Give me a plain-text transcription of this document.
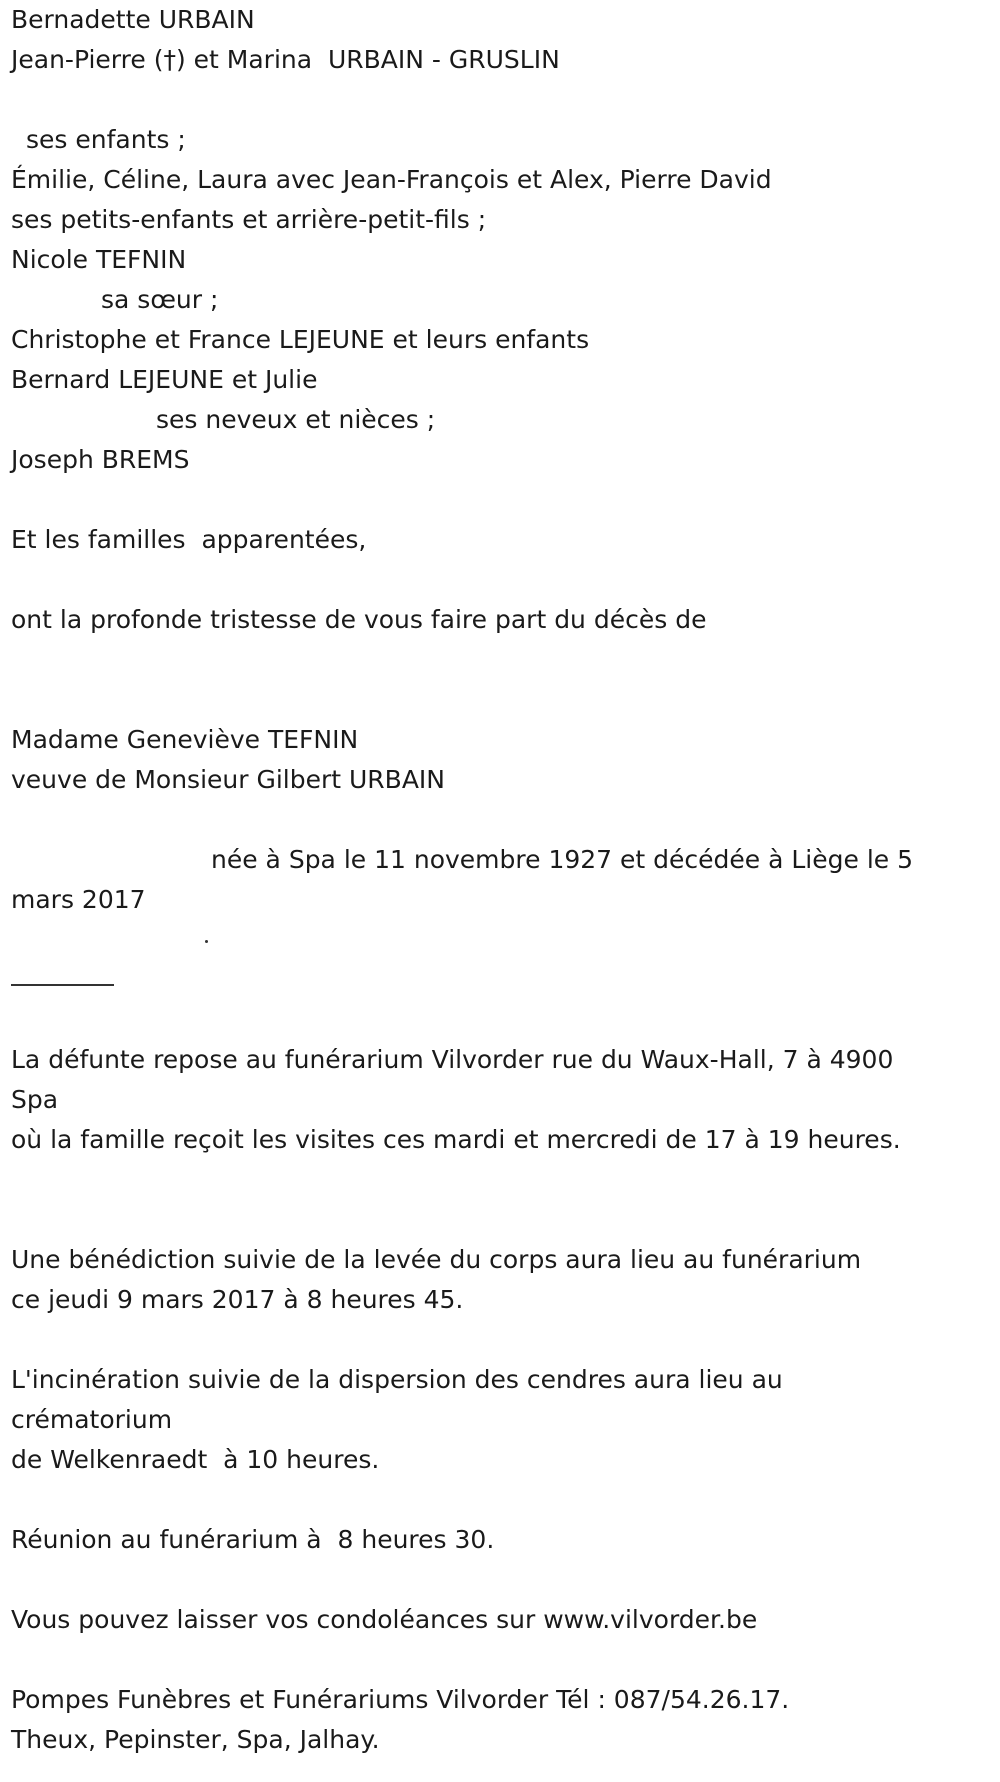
Bernadette URBAIN
Jean-Pierre (†) et Marina  URBAIN - GRUSLIN
ses enfants ;
Émilie, Céline, Laura avec Jean-François et Alex, Pierre David
ses petits-enfants et arrière-petit-fils ;
Nicole TEFNIN
sa sœur ;
Christophe et France LEJEUNE et leurs enfants
Bernard LEJEUNE et Julie
ses neveux et nièces ;
Joseph BREMS
Et les familles  apparentées,
ont la profonde tristesse de vous faire part du décès de
Madame Geneviève TEFNIN
veuve de Monsieur Gilbert URBAIN
née à Spa le 11 novembre 1927 et décédée à Liège le 5
mars 2017
La défunte repose au funérarium Vilvorder rue du Waux-Hall, 7 à 4900
Spa
où la famille reçoit les visites ces mardi et mercredi de 17 à 19 heures.
Une bénédiction suivie de la levée du corps aura lieu au funérarium
ce jeudi 9 mars 2017 à 8 heures 45.
L'incinération suivie de la dispersion des cendres aura lieu au
crématorium
de Welkenraedt  à 10 heures.
Réunion au funérarium à  8 heures 30.
Vous pouvez laisser vos condoléances sur www.vilvorder.be
Pompes Funèbres et Funérariums Vilvorder Tél : 087/54.26.17.
Theux, Pepinster, Spa, Jalhay.
